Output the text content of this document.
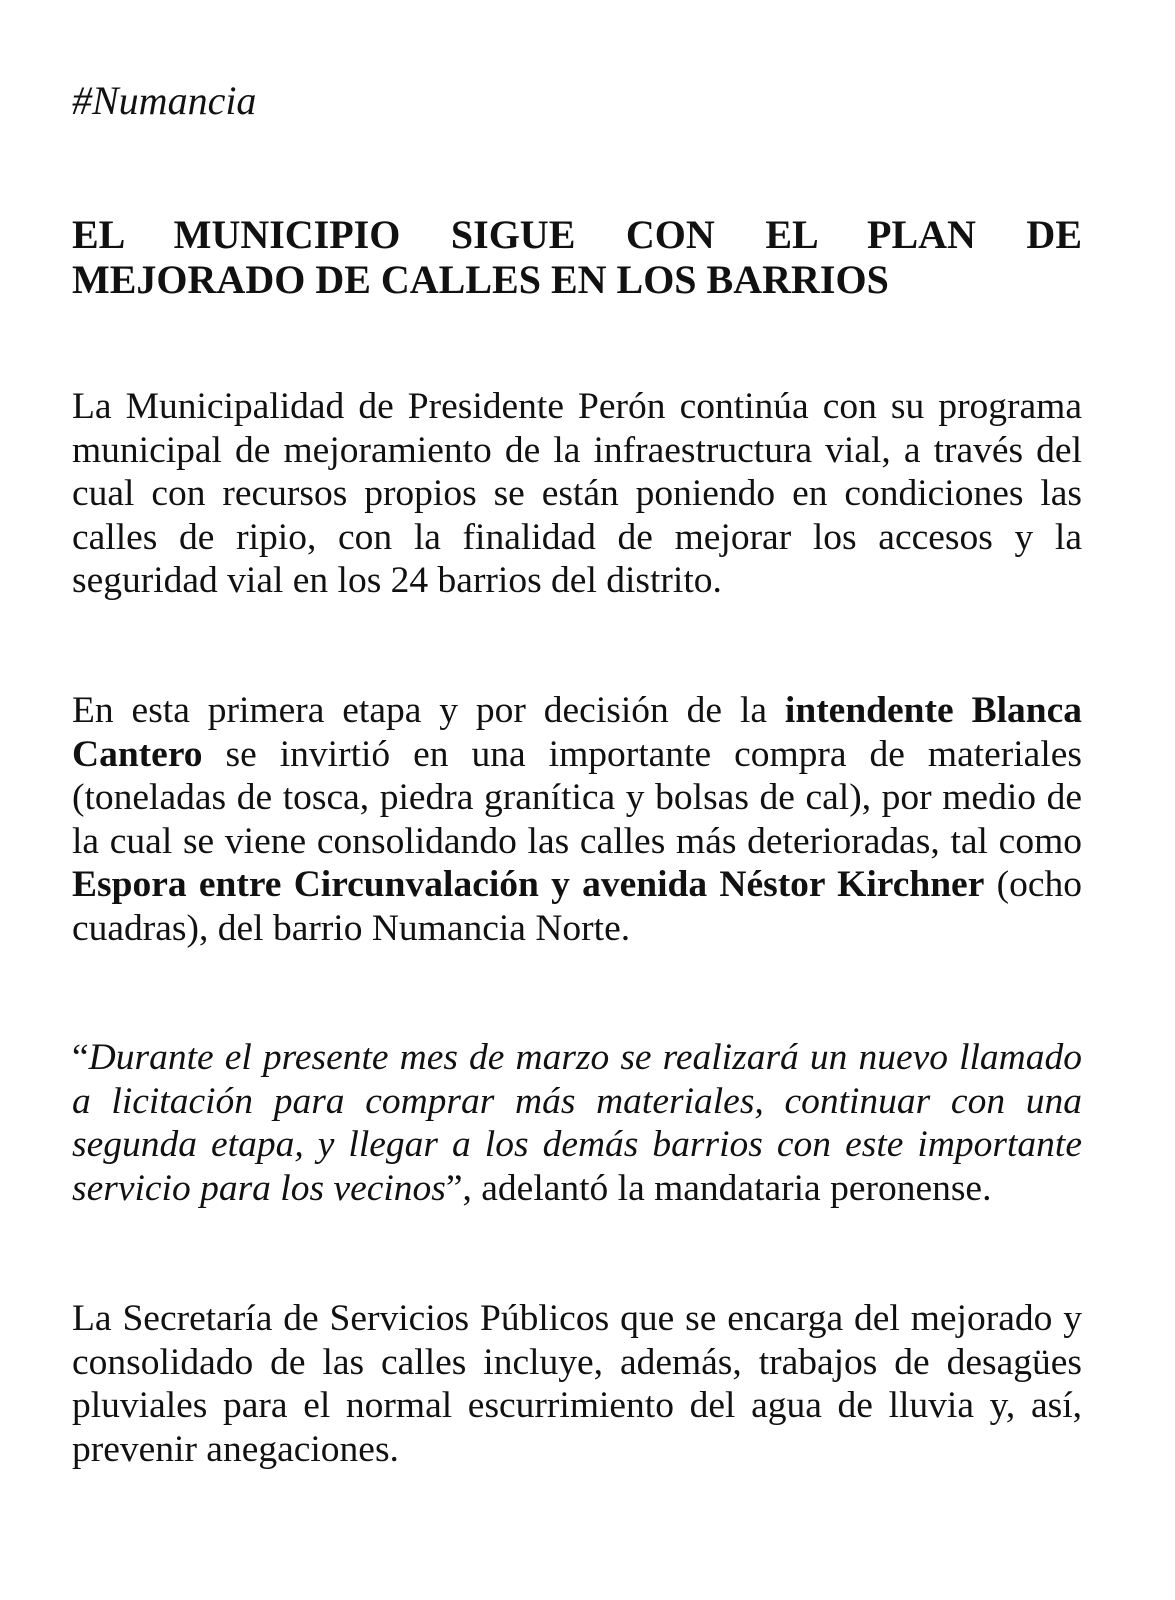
#Numancia
EL MUNICIPIO SIGUE CON EL PLAN DE
MEJORADO DE CALLES EN LOS BARRIOS

La Municipalidad de Presidente Perón continúa con su programa municipal de mejoramiento de la infraestructura vial, a través del cual con recursos propios se están poniendo en condiciones las calles de ripio, con la finalidad de mejorar los accesos y la seguridad vial en los 24 barrios del distrito.

En esta primera etapa y por decisión de la intendente Blanca Cantero se invirtió en una importante compra de materiales (toneladas de tosca, piedra granítica y bolsas de cal), por medio de la cual se viene consolidando las calles más deterioradas, tal como Espora entre Circunvalación y avenida Néstor Kirchner (ocho cuadras), del barrio Numancia Norte.

“Durante el presente mes de marzo se realizará un nuevo llamado a licitación para comprar más materiales, continuar con una segunda etapa, y llegar a los demás barrios con este importante servicio para los vecinos”, adelantó la mandataria peronense.

La Secretaría de Servicios Públicos que se encarga del mejorado y consolidado de las calles incluye, además, trabajos de desagües pluviales para el normal escurrimiento del agua de lluvia y, así, prevenir anegaciones.
